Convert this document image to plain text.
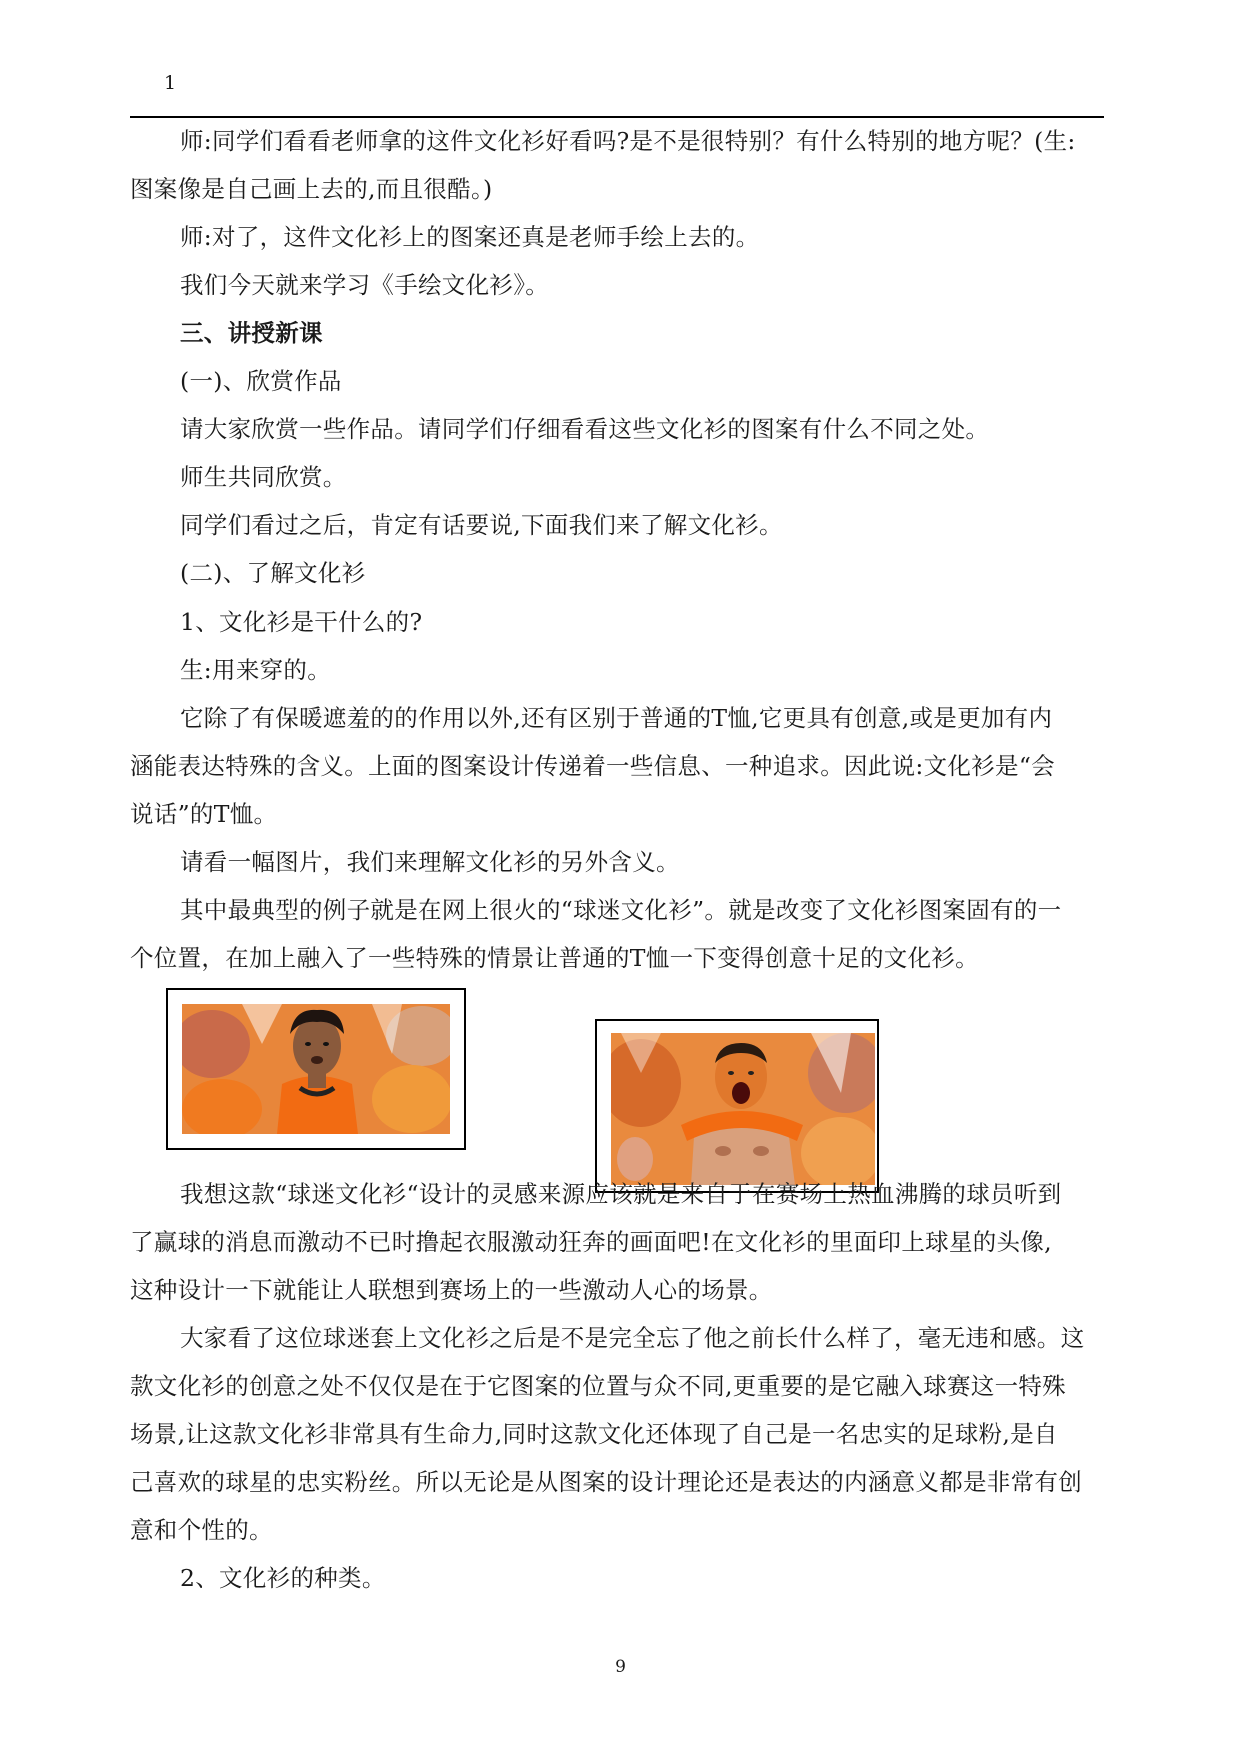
1
师:同学们看看老师拿的这件文化衫好看吗?是不是很特别？有什么特别的地方呢？(生:
图案像是自己画上去的,而且很酷。)
师:对了，这件文化衫上的图案还真是老师手绘上去的。
我们今天就来学习《手绘文化衫》。
三、讲授新课
(一)、欣赏作品
请大家欣赏一些作品。请同学们仔细看看这些文化衫的图案有什么不同之处。
师生共同欣赏。
同学们看过之后，肯定有话要说,下面我们来了解文化衫。
(二)、了解文化衫
1、文化衫是干什么的?
生:用来穿的。
它除了有保暖遮羞的的作用以外,还有区别于普通的T恤,它更具有创意,或是更加有内
涵能表达特殊的含义。上面的图案设计传递着一些信息、一种追求。因此说:文化衫是“会
说话”的T恤。
请看一幅图片，我们来理解文化衫的另外含义。
其中最典型的例子就是在网上很火的“球迷文化衫”。就是改变了文化衫图案固有的一
个位置，在加上融入了一些特殊的情景让普通的T恤一下变得创意十足的文化衫。
我想这款“球迷文化衫“设计的灵感来源应该就是来自于在赛场上热血沸腾的球员听到
了赢球的消息而激动不已时撸起衣服激动狂奔的画面吧!在文化衫的里面印上球星的头像,
这种设计一下就能让人联想到赛场上的一些激动人心的场景。
大家看了这位球迷套上文化衫之后是不是完全忘了他之前长什么样了，毫无违和感。这
款文化衫的创意之处不仅仅是在于它图案的位置与众不同,更重要的是它融入球赛这一特殊
场景,让这款文化衫非常具有生命力,同时这款文化还体现了自己是一名忠实的足球粉,是自
己喜欢的球星的忠实粉丝。所以无论是从图案的设计理论还是表达的内涵意义都是非常有创
意和个性的。
2、文化衫的种类。
9
